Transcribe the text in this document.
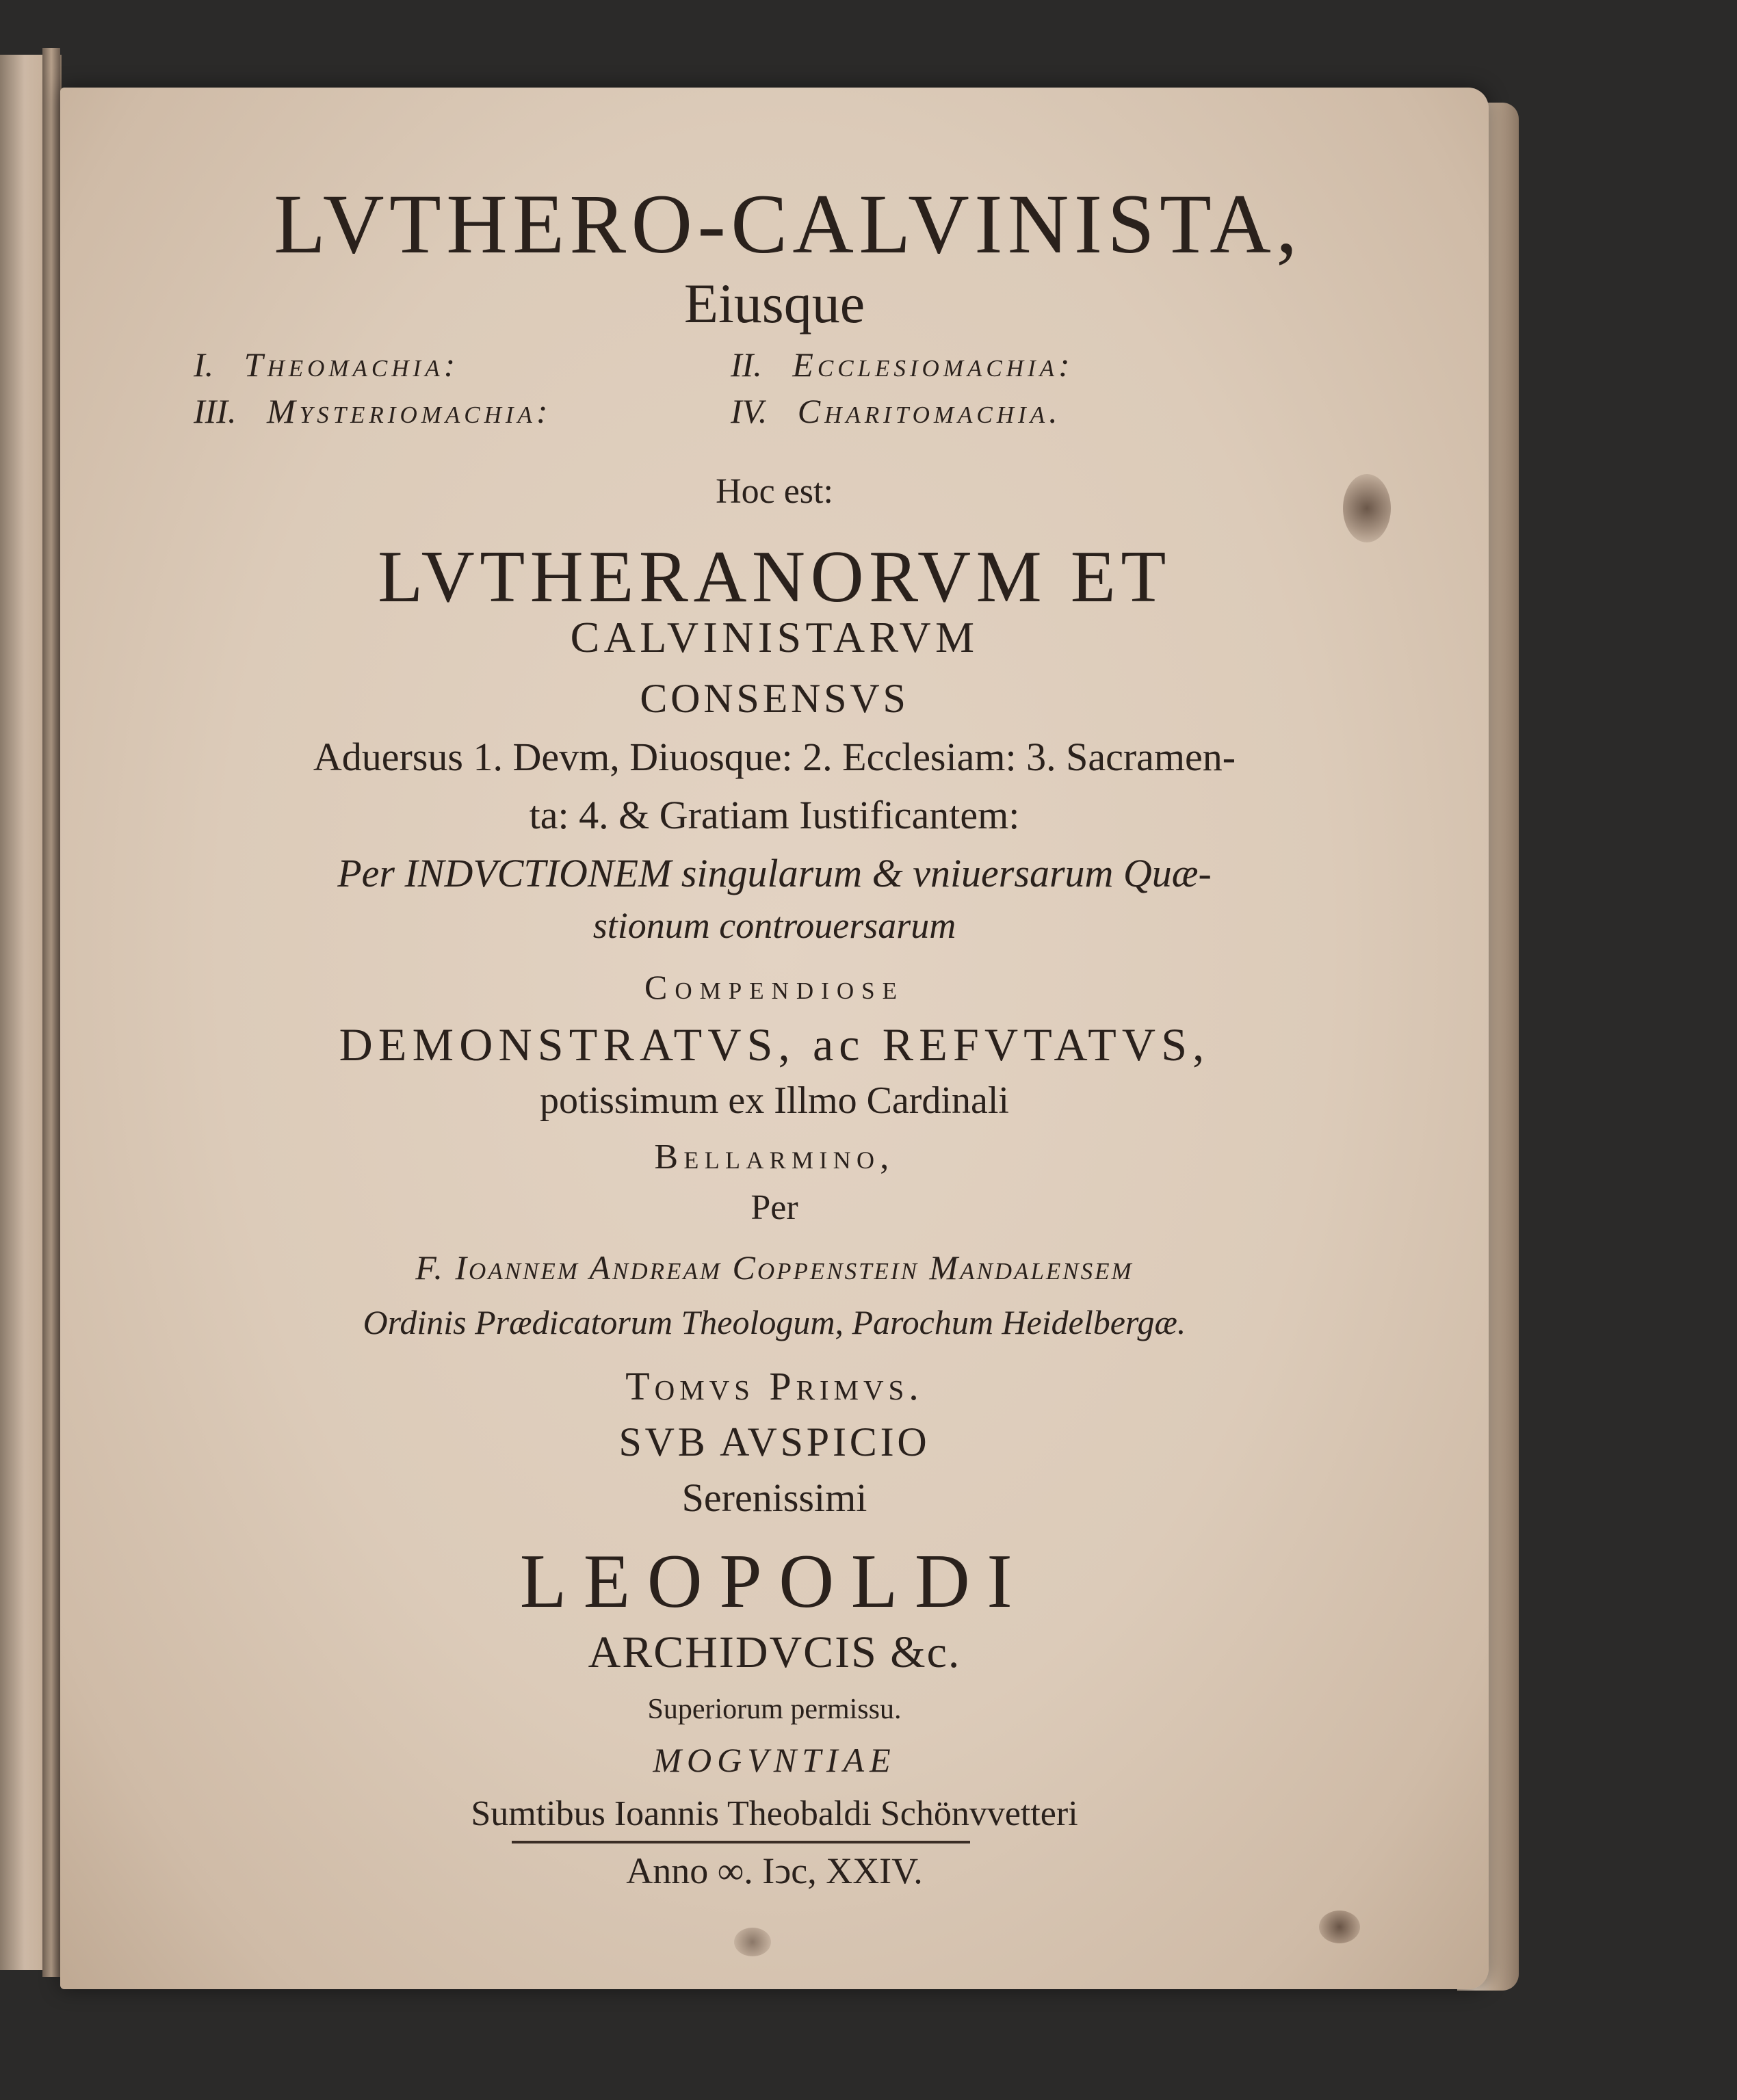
LVTHERO-CALVINISTA,
Eiusque
I. Theomachia:	II. Ecclesiomachia:
III. Mysteriomachia:	IV. Charitomachia.
Hoc est:
LVTHERANORVM ET
CALVINISTARVM
CONSENSVS
Aduersus 1. Devm, Diuosque: 2. Ecclesiam: 3. Sacramen-
ta: 4. & Gratiam Iustificantem:
Per INDVCTIONEM singularum & vniuersarum Quæ-
stionum controuersarum
Compendiose
DEMONSTRATVS, ac REFVTATVS,
potissimum ex Illmo Cardinali
Bellarmino,
Per
F. Ioannem Andream Coppenstein Mandalensem
Ordinis Prædicatorum Theologum, Parochum Heidelbergæ.
Tomvs Primvs.
SVB AVSPICIO
Serenissimi
LEOPOLDI
ARCHIDVCIS &c.
Superiorum permissu.
MOGVNTIAE
Sumtibus Ioannis Theobaldi Schönvvetteri
Anno ∞. Iↄc, XXIV.
